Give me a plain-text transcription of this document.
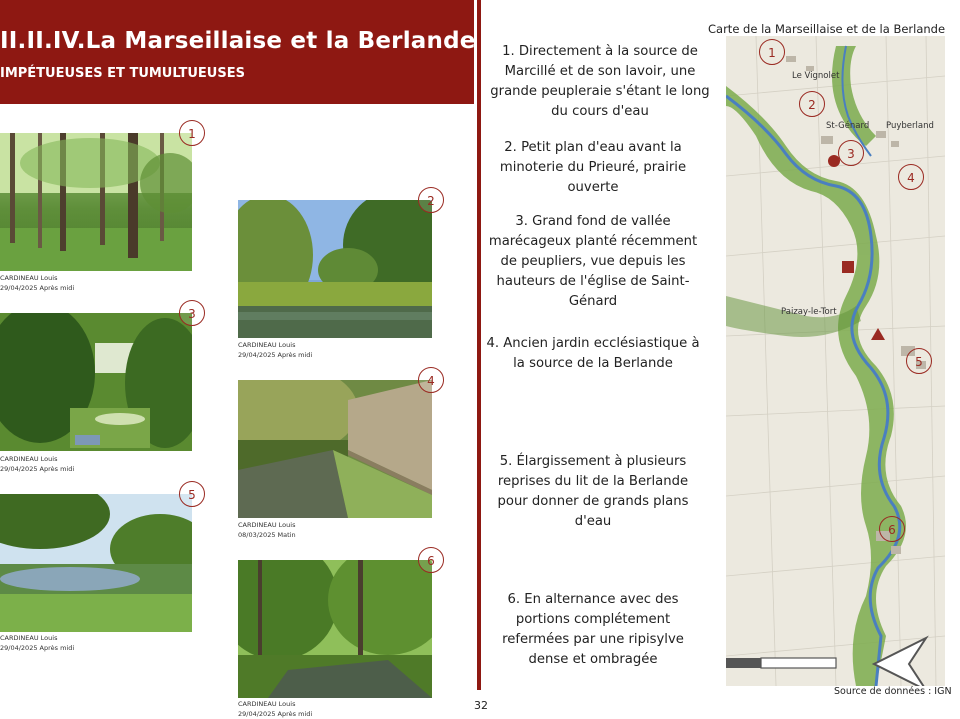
II.II.IV.La Marseillaise et la Berlande
IMPÉTUEUSES ET TUMULTUEUSES
1
CARDINEAU Louis
29/04/2025 Après midi
2
CARDINEAU Louis
29/04/2025 Après midi
3
CARDINEAU Louis
29/04/2025 Après midi
4
CARDINEAU Louis
08/03/2025 Matin
5
CARDINEAU Louis
29/04/2025 Après midi
6
CARDINEAU Louis
29/04/2025 Après midi
32
1. Directement à la source de Marcillé et de son lavoir, une grande peupleraie s'étant le long du cours d'eau
2. Petit plan d'eau avant la minoterie du Prieuré, prairie ouverte
3. Grand fond de vallée marécageux planté récemment de peupliers, vue depuis les hauteurs de l'église de Saint-Génard
4. Ancien jardin ecclésiastique à la source de la Berlande
5. Élargissement à plusieurs reprises du lit de la Berlande pour donner de grands plans d'eau
6. En alternance avec des portions complétement refermées par une ripisylve dense et ombragée
Carte de la Marseillaise et de la Berlande
Le Vignolet
St-Génard Puyberland
Paizay-le-Tort
1
2
3
4
5
6
Source de données : IGN
